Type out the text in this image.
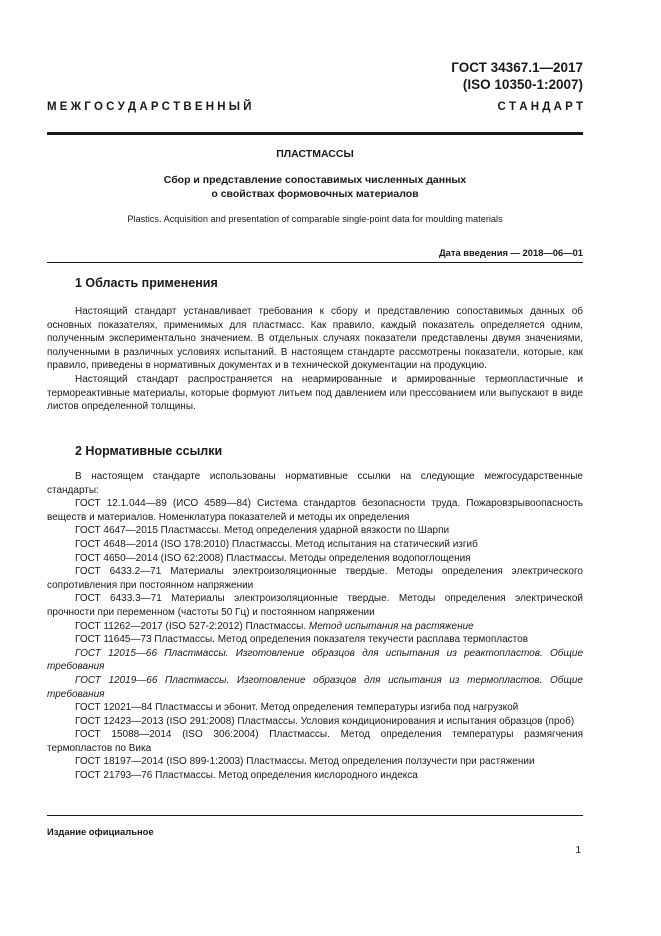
ГОСТ 34367.1—2017
(ISO 10350-1:2007)
М Е Ж Г О С У Д А Р С Т В Е Н Н Ы Й	С Т А Н Д А Р Т
ПЛАСТМАССЫ
Сбор и представление сопоставимых численных данных
о свойствах формовочных материалов
Plastics. Acquisition and presentation of comparable single-point data for moulding materials
Дата введения — 2018—06—01
1 Область применения

Настоящий стандарт устанавливает требования к сбору и представлению сопоставимых данных об основных показателях, применимых для пластмасс. Как правило, каждый показатель определяется одним, полученным экспериментально значением. В отдельных случаях показатели представлены двумя значениями, полученными в различных условиях испытаний. В настоящем стандарте рассмотрены показатели, которые, как правило, приведены в нормативных документах и в технической документации на продукцию.

Настоящий стандарт распространяется на неармированные и армированные термопластичные и термореактивные материалы, которые формуют литьем под давлением или прессованием или выпускают в виде листов определенной толщины.

2 Нормативные ссылки

В настоящем стандарте использованы нормативные ссылки на следующие межгосударственные стандарты:

ГОСТ 12.1.044—89 (ИСО 4589—84) Система стандартов безопасности труда. Пожаровзрывоопасность веществ и материалов. Номенклатура показателей и методы их определения

ГОСТ 4647—2015 Пластмассы. Метод определения ударной вязкости по Шарпи

ГОСТ 4648—2014 (ISO 178:2010) Пластмассы. Метод испытания на статический изгиб

ГОСТ 4650—2014 (ISO 62:2008) Пластмассы. Методы определения водопоглощения

ГОСТ 6433.2—71 Материалы электроизоляционные твердые. Методы определения электрического сопротивления при постоянном напряжении

ГОСТ 6433.3—71 Материалы электроизоляционные твердые. Методы определения электрической прочности при переменном (частоты 50 Гц) и постоянном напряжении

ГОСТ 11262—2017 (ISO 527-2:2012) Пластмассы. Метод испытания на растяжение

ГОСТ 11645—73 Пластмассы. Метод определения показателя текучести расплава термопластов

ГОСТ 12015—66 Пластмассы. Изготовление образцов для испытания из реактопластов. Общие требования

ГОСТ 12019—66 Пластмассы. Изготовление образцов для испытания из термопластов. Общие требования

ГОСТ 12021—84 Пластмассы и эбонит. Метод определения температуры изгиба под нагрузкой

ГОСТ 12423—2013 (ISO 291:2008) Пластмассы. Условия кондиционирования и испытания образцов (проб)

ГОСТ 15088—2014 (ISO 306:2004) Пластмассы. Метод определения температуры размягчения термопластов по Вика

ГОСТ 18197—2014 (ISO 899-1:2003) Пластмассы. Метод определения ползучести при растяжении

ГОСТ 21793—76 Пластмассы. Метод определения кислородного индекса

Издание официальное
1
